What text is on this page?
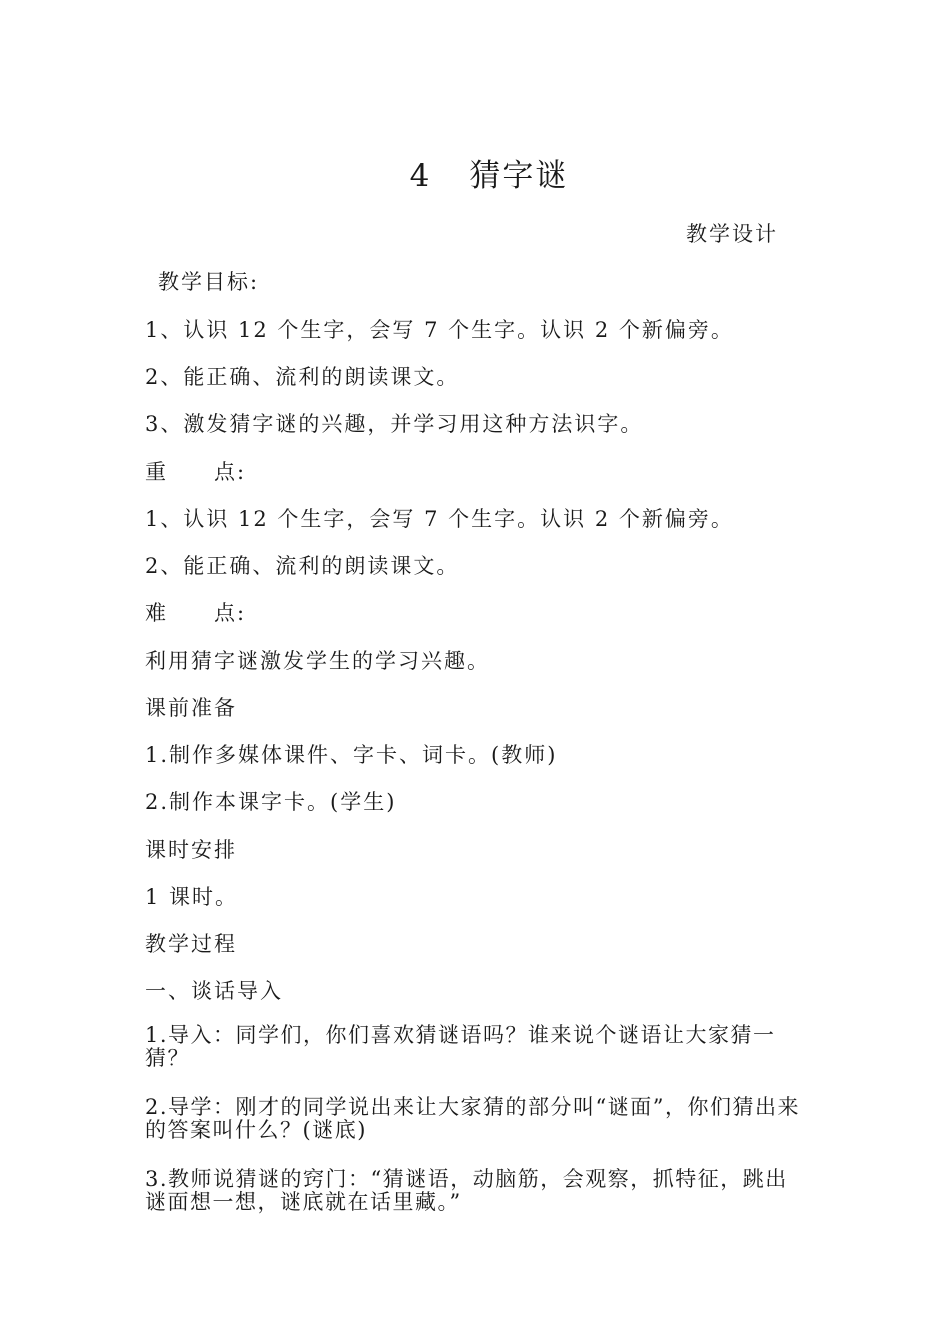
4 猜字谜
教学设计
教学目标:
1、认识 12 个生字，会写 7 个生字。认识 2 个新偏旁。
2、能正确、流利的朗读课文。
3、激发猜字谜的兴趣，并学习用这种方法识字。
重 点:
1、认识 12 个生字，会写 7 个生字。认识 2 个新偏旁。
2、能正确、流利的朗读课文。
难 点:
利用猜字谜激发学生的学习兴趣。
课前准备
1.制作多媒体课件、字卡、词卡。(教师)
2.制作本课字卡。(学生)
课时安排
1 课时。
教学过程
一、谈话导入
1.导入：同学们，你们喜欢猜谜语吗？谁来说个谜语让大家猜一猜？
2.导学：刚才的同学说出来让大家猜的部分叫“谜面”，你们猜出来的答案叫什么？(谜底)
3.教师说猜谜的窍门：“猜谜语，动脑筋，会观察，抓特征，跳出谜面想一想，谜底就在话里藏。”
